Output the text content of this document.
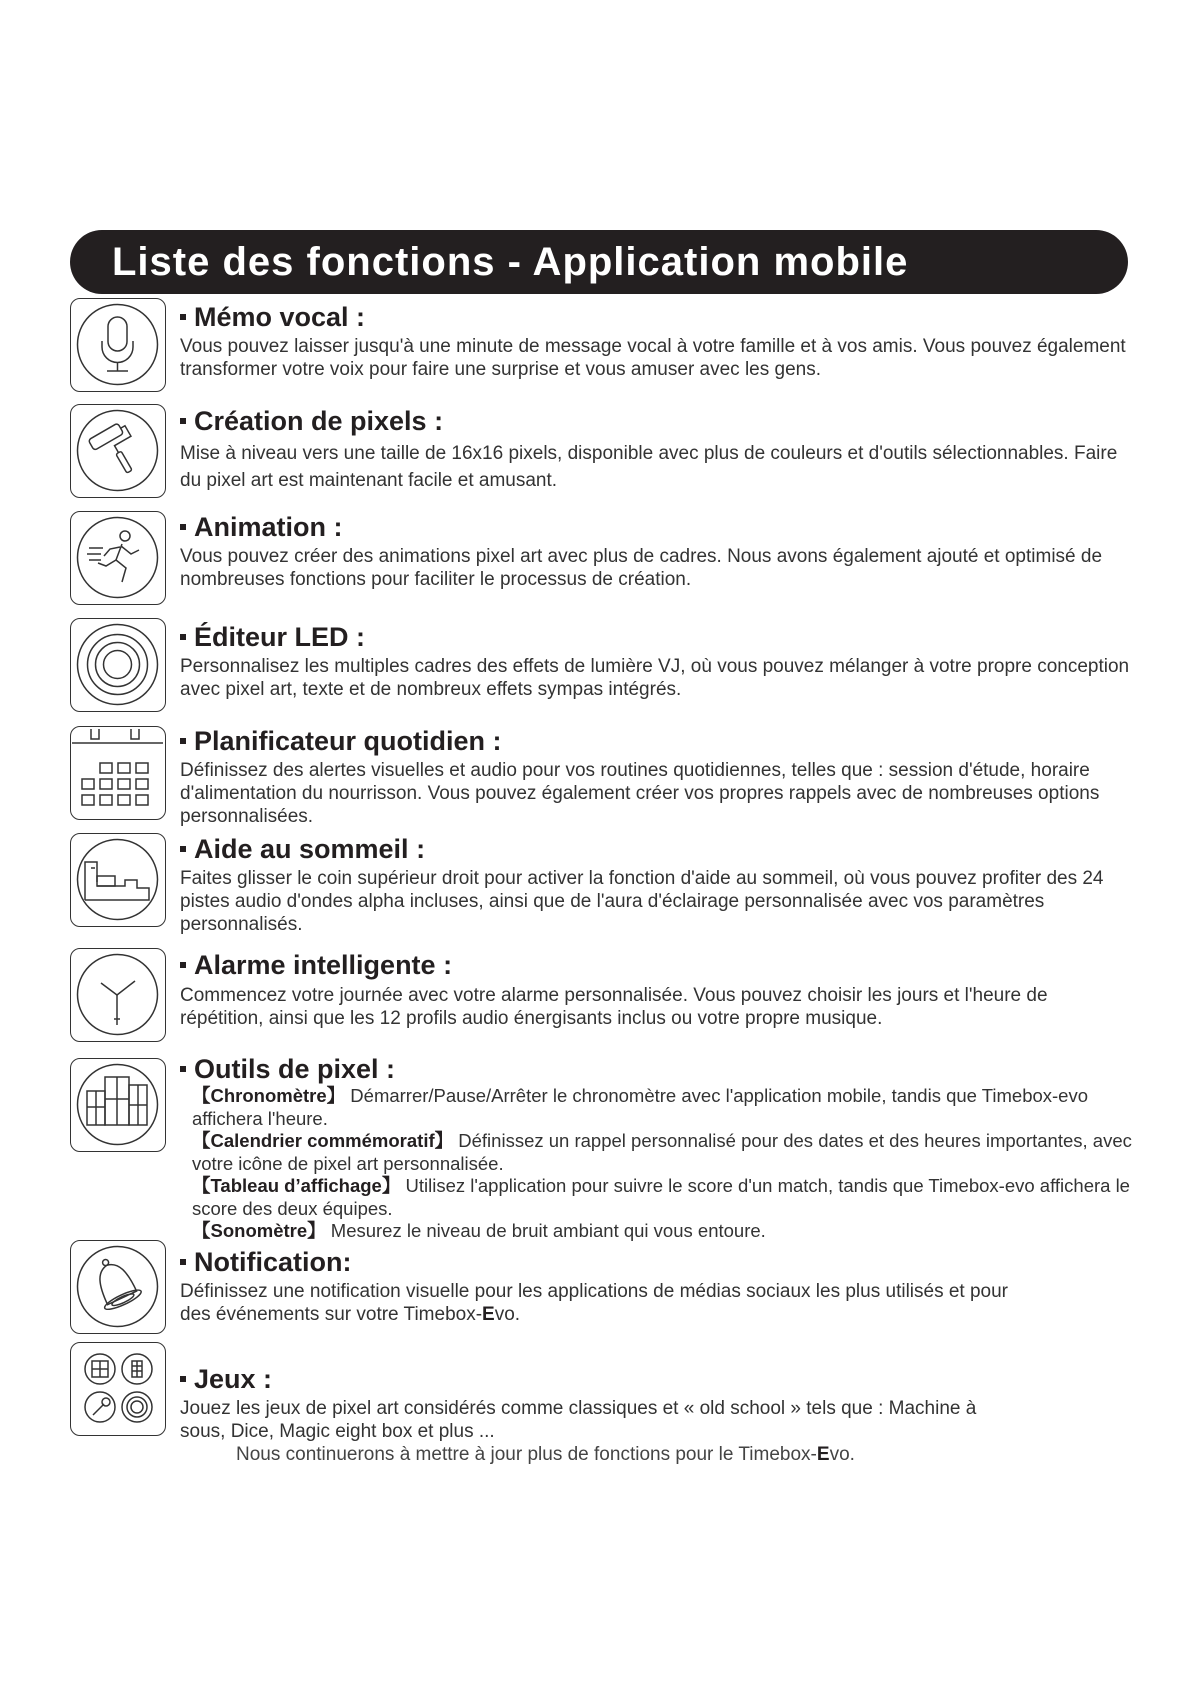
Liste des fonctions - Application mobile
Mémo vocal :

Vous pouvez laisser jusqu'à une minute de message vocal à votre famille et à vos amis. Vous pouvez également transformer votre voix pour faire une surprise et vous amuser avec les gens.

Création de pixels :

Mise à niveau vers une taille de 16x16 pixels, disponible avec plus de couleurs et d'outils sélectionnables. Faire du pixel art est maintenant facile et amusant.

Animation :

Vous pouvez créer des animations pixel art avec plus de cadres. Nous avons également ajouté et optimisé de nombreuses fonctions pour faciliter le processus de création.

Éditeur LED :

Personnalisez les multiples cadres des effets de lumière VJ, où vous pouvez mélanger à votre propre conception avec pixel art, texte et de nombreux effets sympas intégrés.

Planificateur quotidien :

Définissez des alertes visuelles et audio pour vos routines quotidiennes, telles que : session d'étude, horaire d'alimentation du nourrisson. Vous pouvez également créer vos propres rappels avec de nombreuses options personnalisées.

Aide au sommeil :

Faites glisser le coin supérieur droit pour activer la fonction d'aide au sommeil, où vous pouvez profiter des 24 pistes audio d'ondes alpha incluses, ainsi que de l'aura d'éclairage personnalisée avec vos paramètres personnalisés.

Alarme intelligente :

Commencez votre journée avec votre alarme personnalisée. Vous pouvez choisir les jours et l'heure de répétition, ainsi que les 12 profils audio énergisants inclus ou votre propre musique.

Outils de pixel :
【Chronomètre】 Démarrer/Pause/Arrêter le chronomètre avec l'application mobile, tandis que Timebox-evo affichera l'heure.
【Calendrier commémoratif】 Définissez un rappel personnalisé pour des dates et des heures importantes, avec votre icône de pixel art personnalisée.
【Tableau d’affichage】 Utilisez l'application pour suivre le score d'un match, tandis que Timebox-evo affichera le score des deux équipes.
【Sonomètre】 Mesurez le niveau de bruit ambiant qui vous entoure.
Notification:

Définissez une notification visuelle pour les applications de médias sociaux les plus utilisés et pour des événements sur votre Timebox-Evo.

Jeux :

Jouez les jeux de pixel art considérés comme classiques et « old school » tels que : Machine à sous, Dice, Magic eight box et plus ...

Nous continuerons à mettre à jour plus de fonctions pour le Timebox-Evo.
